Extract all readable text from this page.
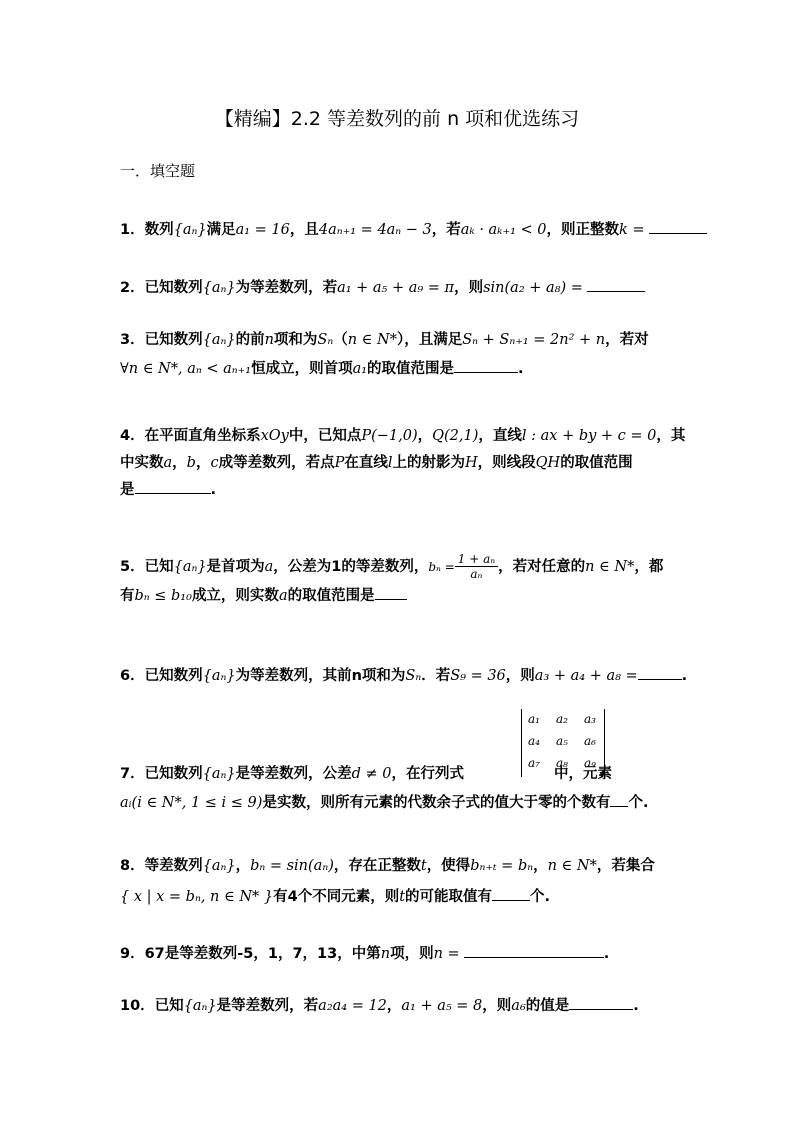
【精编】2.2 等差数列的前 n 项和优选练习
一．填空题
1．数列{aₙ}满足a₁ = 16，且4aₙ₊₁ = 4aₙ − 3，若aₖ · aₖ₊₁ < 0，则正整数k =
2．已知数列{aₙ}为等差数列，若a₁ + a₅ + a₉ = π，则sin(a₂ + a₈) =
3．已知数列{aₙ}的前n项和为Sₙ（n ∈ N*），且满足Sₙ + Sₙ₊₁ = 2n² + n，若对
∀n ∈ N*, aₙ < aₙ₊₁恒成立，则首项a₁的取值范围是	.
4．在平面直角坐标系xOy中，已知点P(−1,0)，Q(2,1)，直线l : ax + by + c = 0，其
中实数a，b，c成等差数列，若点P在直线l上的射影为H，则线段QH的取值范围
是	.
5．已知{aₙ}是首项为a，公差为1的等差数列，$b_n = \frac{\text{1 + aₙ}}{\text{aₙ}}$ ，若对任意的n ∈ N*，都
有bₙ ≤ b₁₀成立，则实数a的取值范围是
6．已知数列{aₙ}为等差数列，其前n项和为Sₙ．若S₉ = 36，则a₃ + a₄ + a₈ =	.
a₁ a₂ a₃
a₄ a₅ a₆
a₇ a₈ a₉
7．已知数列{aₙ}是等差数列，公差d ≠ 0，在行列式	中，元素
aᵢ(i ∈ N*, 1 ≤ i ≤ 9)是实数，则所有元素的代数余子式的值大于零的个数有 个.
8．等差数列{aₙ}，bₙ = sin(aₙ)，存在正整数t，使得bₙ₊ₜ = bₙ，n ∈ N*，若集合
{ x | x = bₙ, n ∈ N* }有4个不同元素，则t的可能取值有	个.
9．67是等差数列-5，1，7，13，中第n项，则n =	.
10．已知{aₙ}是等差数列，若a₂a₄ = 12，a₁ + a₅ = 8，则a₆的值是	.
